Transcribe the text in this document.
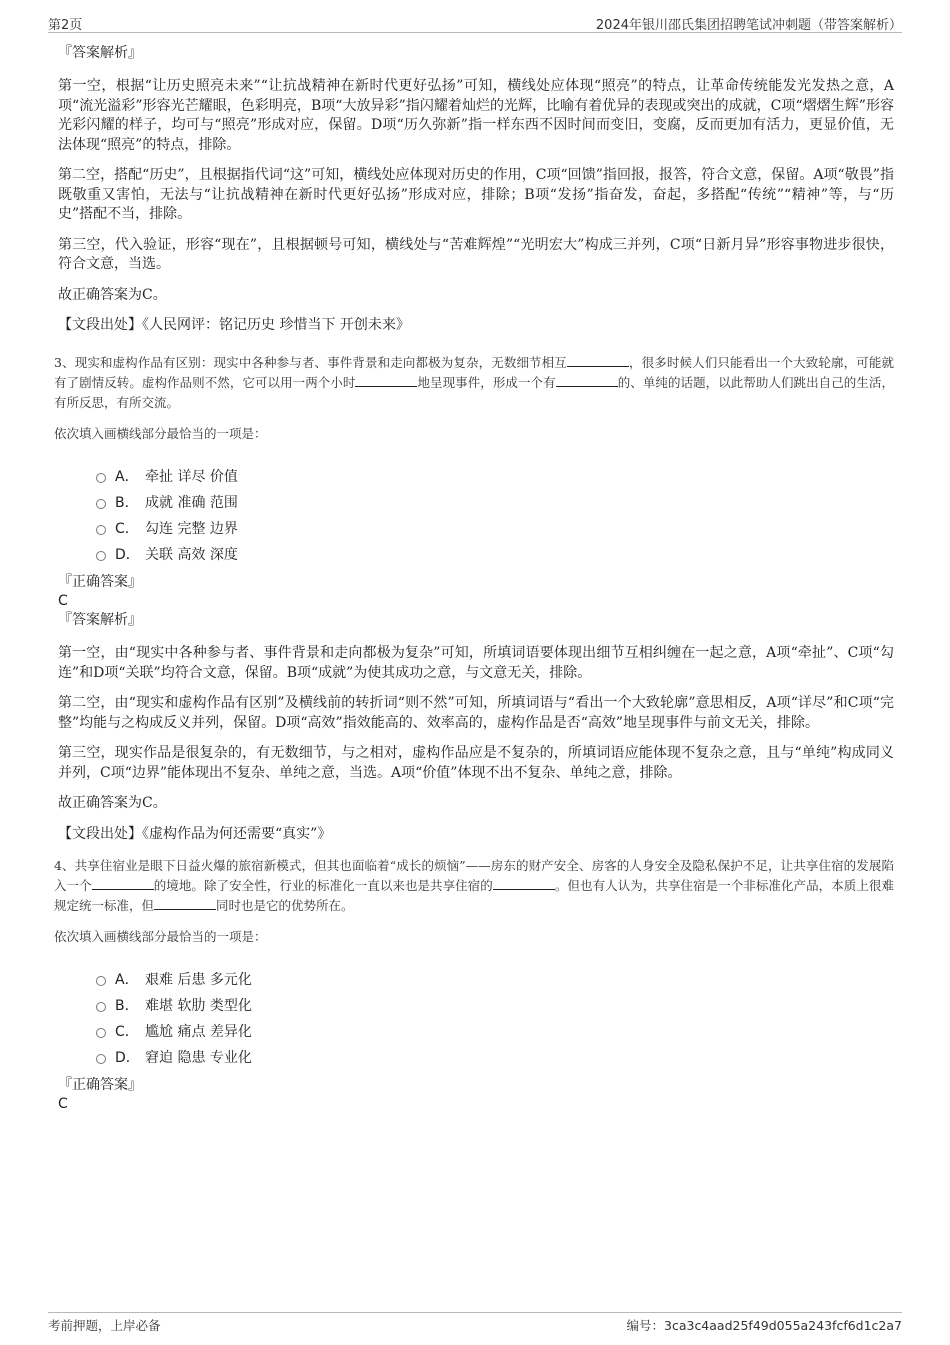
第2页	2024年银川邵氏集团招聘笔试冲刺题（带答案解析）

『答案解析』

第一空，根据“让历史照亮未来”“让抗战精神在新时代更好弘扬”可知，横线处应体现“照亮”的特点，让革命传统能发光发热之意，A项“流光溢彩”形容光芒耀眼，色彩明亮，B项“大放异彩”指闪耀着灿烂的光辉，比喻有着优异的表现或突出的成就，C项“熠熠生辉”形容光彩闪耀的样子，均可与“照亮”形成对应，保留。D项“历久弥新”指一样东西不因时间而变旧，变腐，反而更加有活力，更显价值，无法体现“照亮”的特点，排除。

第二空，搭配“历史”，且根据指代词“这”可知，横线处应体现对历史的作用，C项“回馈”指回报，报答，符合文意，保留。A项“敬畏”指既敬重又害怕，无法与“让抗战精神在新时代更好弘扬”形成对应，排除；B项“发扬”指奋发，奋起，多搭配“传统”“精神”等，与“历史”搭配不当，排除。

第三空，代入验证，形容“现在”，且根据顿号可知，横线处与“苦难辉煌”“光明宏大”构成三并列，C项“日新月异”形容事物进步很快，符合文意，当选。

故正确答案为C。

【文段出处】《人民网评：铭记历史 珍惜当下 开创未来》

3、现实和虚构作品有区别：现实中各种参与者、事件背景和走向都极为复杂，无数细节相互	，很多时候人们只能看出一个大致轮廓，可能就有了剧情反转。虚构作品则不然，它可以用一两个小时	地呈现事件，形成一个有	的、单纯的话题，以此帮助人们跳出自己的生活，有所反思，有所交流。

依次填入画横线部分最恰当的一项是：

A． 牵扯 详尽 价值
B． 成就 准确 范围
C． 勾连 完整 边界
D． 关联 高效 深度

『正确答案』

C

『答案解析』

第一空，由“现实中各种参与者、事件背景和走向都极为复杂”可知，所填词语要体现出细节互相纠缠在一起之意，A项“牵扯”、C项“勾连”和D项“关联”均符合文意，保留。B项“成就”为使其成功之意，与文意无关，排除。

第二空，由“现实和虚构作品有区别”及横线前的转折词“则不然”可知，所填词语与“看出一个大致轮廓”意思相反，A项“详尽”和C项“完整”均能与之构成反义并列，保留。D项“高效”指效能高的、效率高的，虚构作品是否“高效”地呈现事件与前文无关，排除。

第三空，现实作品是很复杂的，有无数细节，与之相对，虚构作品应是不复杂的，所填词语应能体现不复杂之意，且与“单纯”构成同义并列，C项“边界”能体现出不复杂、单纯之意，当选。A项“价值”体现不出不复杂、单纯之意，排除。

故正确答案为C。

【文段出处】《虚构作品为何还需要“真实”》

4、共享住宿业是眼下日益火爆的旅宿新模式，但其也面临着“成长的烦恼”——房东的财产安全、房客的人身安全及隐私保护不足，让共享住宿的发展陷入一个	的境地。除了安全性，行业的标准化一直以来也是共享住宿的	。但也有人认为，共享住宿是一个非标准化产品，本质上很难规定统一标准，但	同时也是它的优势所在。

依次填入画横线部分最恰当的一项是：

A． 艰难 后患 多元化
B． 难堪 软肋 类型化
C． 尴尬 痛点 差异化
D． 窘迫 隐患 专业化

『正确答案』

C

考前押题，上岸必备	编号：3ca3c4aad25f49d055a243fcf6d1c2a7
